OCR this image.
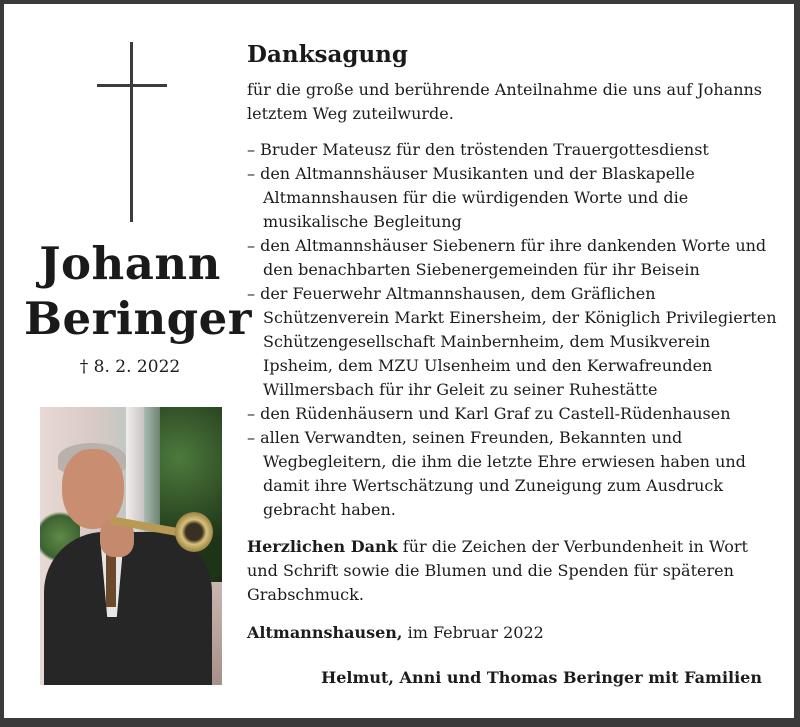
Johann
Beringer
† 8. 2. 2022
Danksagung
für die große und berührende Anteilnahme die uns auf Johanns letztem Weg zuteilwurde.
– Bruder Mateusz für den tröstenden Trauergottesdienst
– den Altmannshäuser Musikanten und der Blaskapelle Altmannshausen für die würdigenden Worte und die musikalische Begleitung
– den Altmannshäuser Siebenern für ihre dankenden Worte und den benachbarten Siebenergemeinden für ihr Beisein
– der Feuerwehr Altmannshausen, dem Gräflichen Schützenverein Markt Einersheim, der Königlich Privilegierten Schützengesellschaft Mainbernheim, dem Musikverein Ipsheim, dem MZU Ulsenheim und den Kerwafreunden Willmersbach für ihr Geleit zu seiner Ruhestätte
– den Rüdenhäusern und Karl Graf zu Castell-Rüdenhausen
– allen Verwandten, seinen Freunden, Bekannten und Wegbegleitern, die ihm die letzte Ehre erwiesen haben und damit ihre Wertschätzung und Zuneigung zum Ausdruck gebracht haben.
Herzlichen Dank für die Zeichen der Verbundenheit in Wort und Schrift sowie die Blumen und die Spenden für späteren Grabschmuck.
Altmannshausen, im Februar 2022
Helmut, Anni und Thomas Beringer mit Familien
